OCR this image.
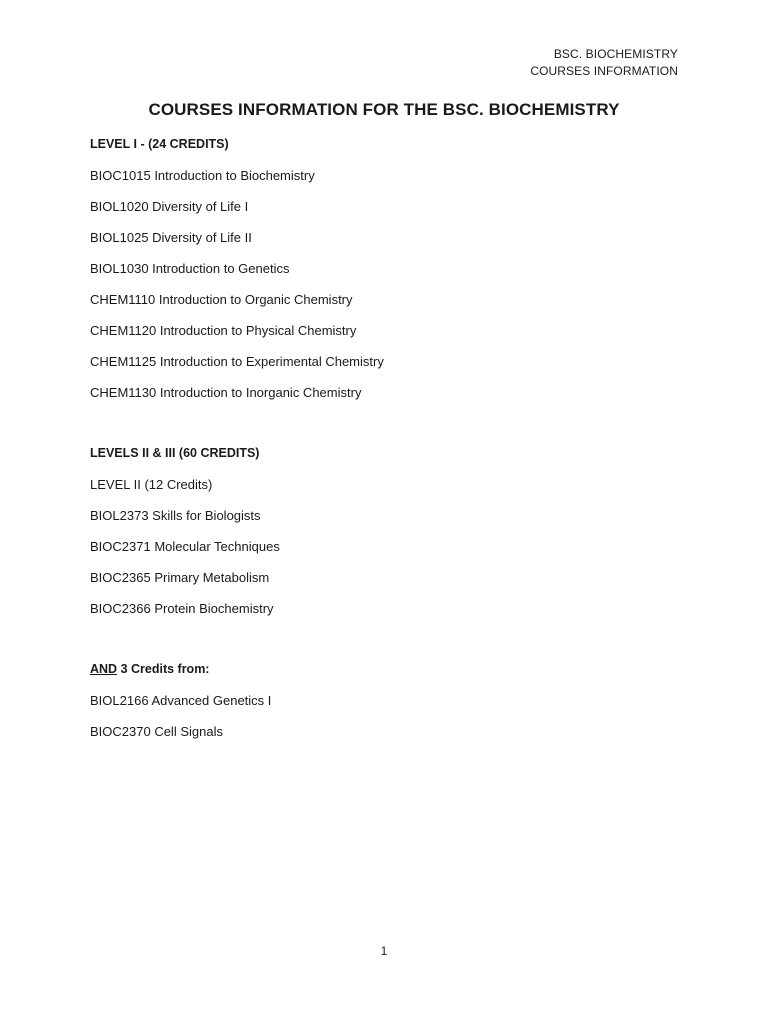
BSC. BIOCHEMISTRY
COURSES INFORMATION
COURSES INFORMATION FOR THE BSC. BIOCHEMISTRY
LEVEL I - (24 CREDITS)
BIOC1015 Introduction to Biochemistry
BIOL1020 Diversity of Life I
BIOL1025 Diversity of Life II
BIOL1030 Introduction to Genetics
CHEM1110 Introduction to Organic Chemistry
CHEM1120 Introduction to Physical Chemistry
CHEM1125 Introduction to Experimental Chemistry
CHEM1130 Introduction to Inorganic Chemistry
LEVELS II & III (60 CREDITS)
LEVEL II (12 Credits)
BIOL2373 Skills for Biologists
BIOC2371 Molecular Techniques
BIOC2365 Primary Metabolism
BIOC2366 Protein Biochemistry
AND 3 Credits from:
BIOL2166 Advanced Genetics I
BIOC2370 Cell Signals
1
